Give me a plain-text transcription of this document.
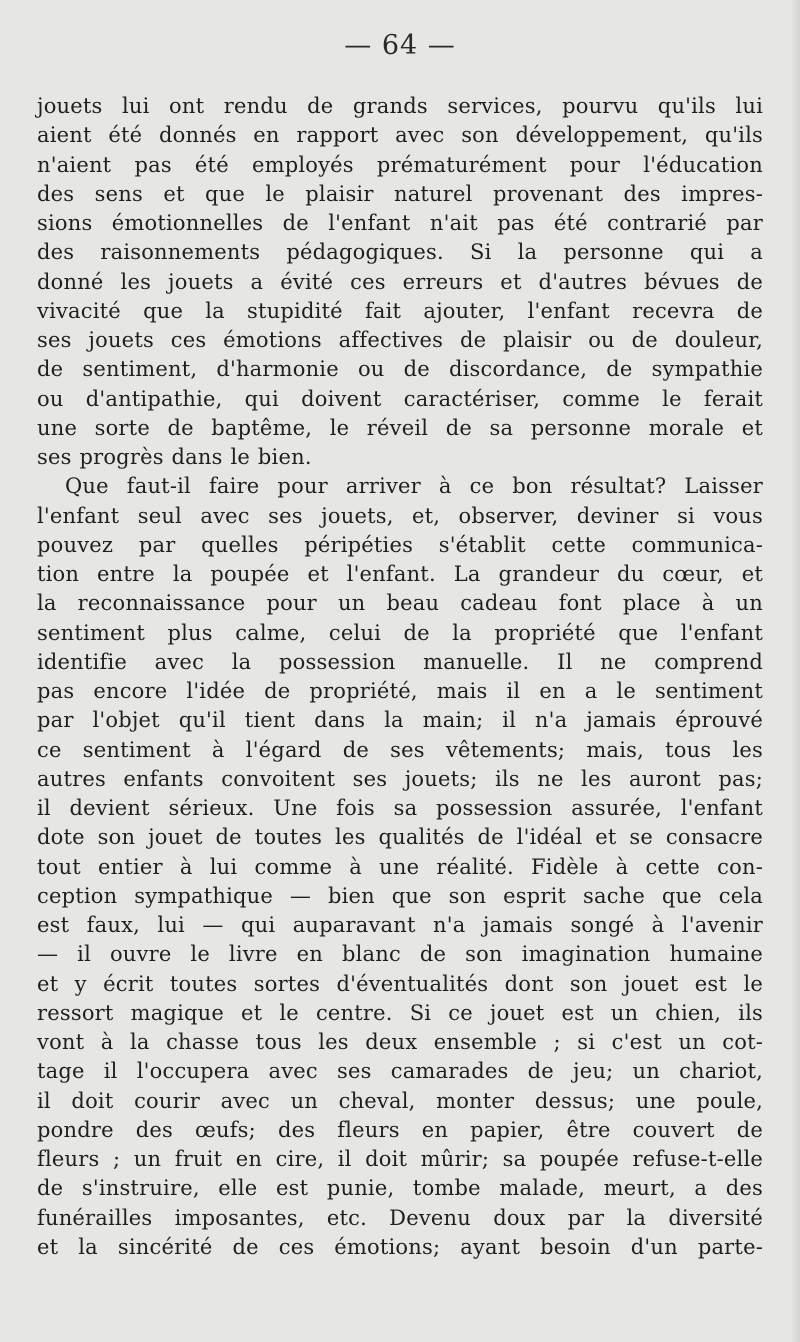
— 64 —
jouets lui ont rendu de grands services, pourvu qu'ils lui
aient été donnés en rapport avec son développement, qu'ils
n'aient pas été employés prématurément pour l'éducation
des sens et que le plaisir naturel provenant des impres-
sions émotionnelles de l'enfant n'ait pas été contrarié par
des raisonnements pédagogiques. Si la personne qui a
donné les jouets a évité ces erreurs et d'autres bévues de
vivacité que la stupidité fait ajouter, l'enfant recevra de
ses jouets ces émotions affectives de plaisir ou de douleur,
de sentiment, d'harmonie ou de discordance, de sympathie
ou d'antipathie, qui doivent caractériser, comme le ferait
une sorte de baptême, le réveil de sa personne morale et
ses progrès dans le bien.
Que faut-il faire pour arriver à ce bon résultat? Laisser
l'enfant seul avec ses jouets, et, observer, deviner si vous
pouvez par quelles péripéties s'établit cette communica-
tion entre la poupée et l'enfant. La grandeur du cœur, et
la reconnaissance pour un beau cadeau font place à un
sentiment plus calme, celui de la propriété que l'enfant
identifie avec la possession manuelle. Il ne comprend
pas encore l'idée de propriété, mais il en a le sentiment
par l'objet qu'il tient dans la main; il n'a jamais éprouvé
ce sentiment à l'égard de ses vêtements; mais, tous les
autres enfants convoitent ses jouets; ils ne les auront pas;
il devient sérieux. Une fois sa possession assurée, l'enfant
dote son jouet de toutes les qualités de l'idéal et se consacre
tout entier à lui comme à une réalité. Fidèle à cette con-
ception sympathique — bien que son esprit sache que cela
est faux, lui — qui auparavant n'a jamais songé à l'avenir
— il ouvre le livre en blanc de son imagination humaine
et y écrit toutes sortes d'éventualités dont son jouet est le
ressort magique et le centre. Si ce jouet est un chien, ils
vont à la chasse tous les deux ensemble ; si c'est un cot-
tage il l'occupera avec ses camarades de jeu; un chariot,
il doit courir avec un cheval, monter dessus; une poule,
pondre des œufs; des fleurs en papier, être couvert de
fleurs ; un fruit en cire, il doit mûrir; sa poupée refuse-t-elle
de s'instruire, elle est punie, tombe malade, meurt, a des
funérailles imposantes, etc. Devenu doux par la diversité
et la sincérité de ces émotions; ayant besoin d'un parte-
